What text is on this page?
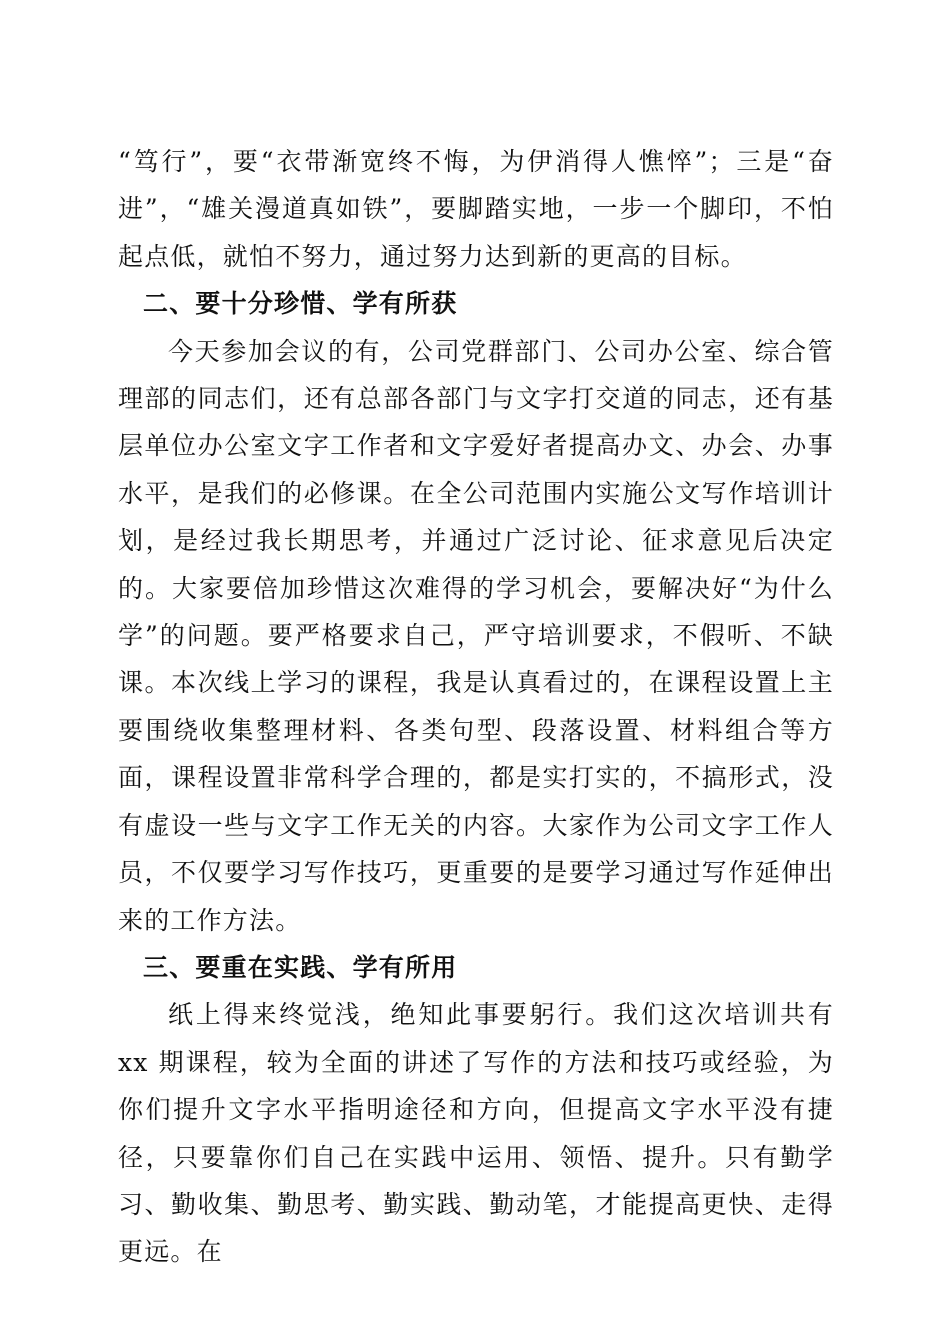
“笃行”，要“衣带渐宽终不悔，为伊消得人憔悴”；三是“奋进”，“雄关漫道真如铁”，要脚踏实地，一步一个脚印，不怕起点低，就怕不努力，通过努力达到新的更高的目标。

二、要十分珍惜、学有所获

今天参加会议的有，公司党群部门、公司办公室、综合管理部的同志们，还有总部各部门与文字打交道的同志，还有基层单位办公室文字工作者和文字爱好者提高办文、办会、办事水平，是我们的必修课。在全公司范围内实施公文写作培训计划，是经过我长期思考，并通过广泛讨论、征求意见后决定的。大家要倍加珍惜这次难得的学习机会，要解决好“为什么学”的问题。要严格要求自己，严守培训要求，不假听、不缺课。本次线上学习的课程，我是认真看过的，在课程设置上主要围绕收集整理材料、各类句型、段落设置、材料组合等方面，课程设置非常科学合理的，都是实打实的，不搞形式，没有虚设一些与文字工作无关的内容。大家作为公司文字工作人员，不仅要学习写作技巧，更重要的是要学习通过写作延伸出来的工作方法。

三、要重在实践、学有所用

纸上得来终觉浅，绝知此事要躬行。我们这次培训共有 xx 期课程，较为全面的讲述了写作的方法和技巧或经验，为你们提升文字水平指明途径和方向，但提高文字水平没有捷径，只要靠你们自己在实践中运用、领悟、提升。只有勤学习、勤收集、勤思考、勤实践、勤动笔，才能提高更快、走得更远。在
